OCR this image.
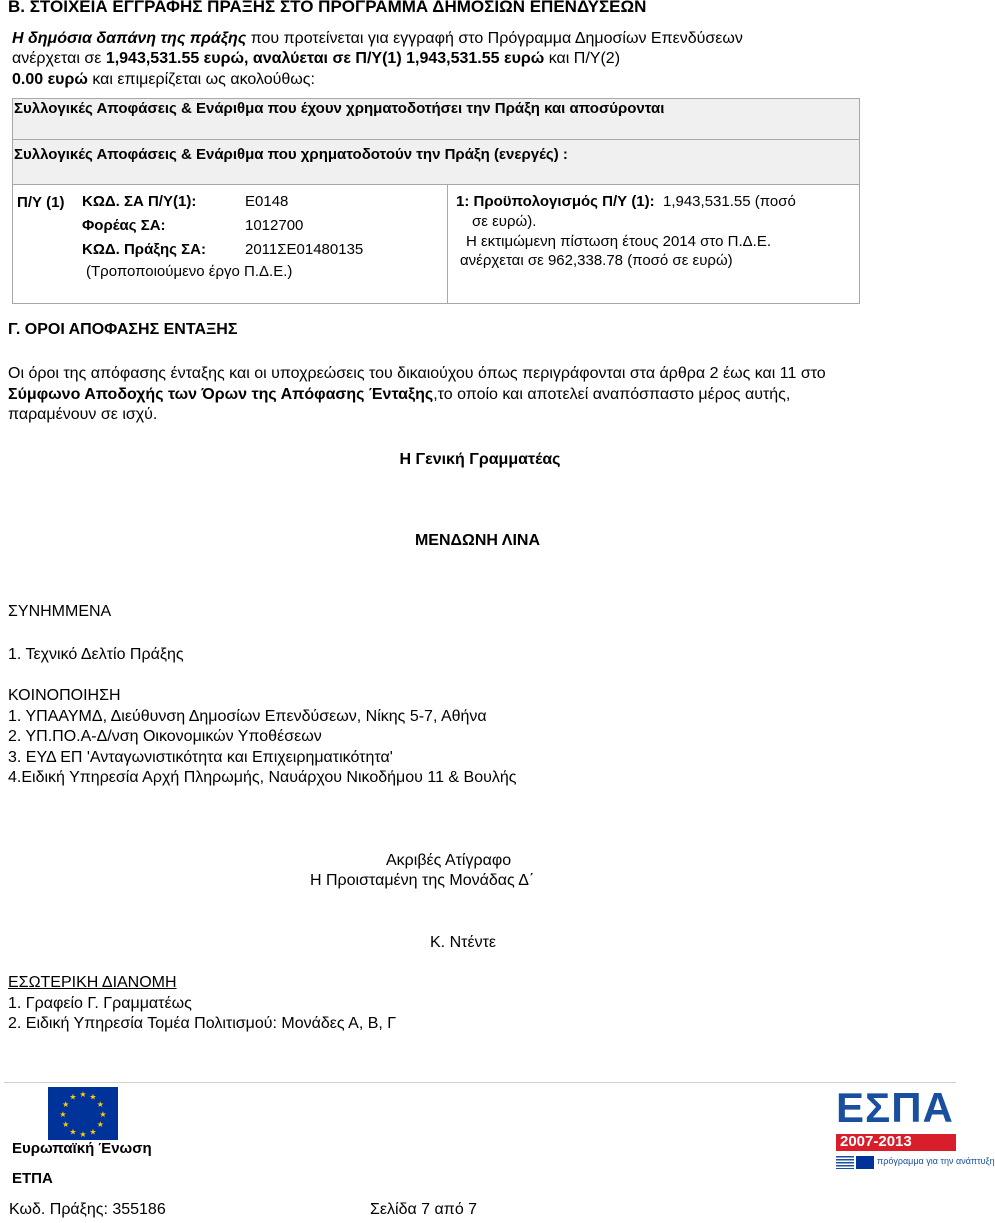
Β. ΣΤΟΙΧΕΙΑ ΕΓΓΡΑΦΗΣ ΠΡΑΞΗΣ ΣΤΟ ΠΡΟΓΡΑΜΜΑ ΔΗΜΟΣΙΩΝ ΕΠΕΝΔΥΣΕΩΝ
Η δημόσια δαπάνη της πράξης που προτείνεται για εγγραφή στο Πρόγραμμα Δημοσίων Επενδύσεων
ανέρχεται σε 1,943,531.55 ευρώ, αναλύεται σε Π/Υ(1) 1,943,531.55 ευρώ και Π/Υ(2)
0.00 ευρώ και επιμερίζεται ως ακολούθως:
Συλλογικές Αποφάσεις & Ενάριθμα που έχουν χρηματοδοτήσει την Πράξη και αποσύρονται
Συλλογικές Αποφάσεις & Ενάριθμα που χρηματοδοτούν την Πράξη (ενεργές) :
Π/Υ (1) ΚΩΔ. ΣΑ Π/Υ(1):	Ε0148
Φορέας ΣΑ:	1012700
ΚΩΔ. Πράξης ΣΑ:	2011ΣΕ01480135
(Τροποποιούμενο έργο Π.Δ.Ε.)
1: Προϋπολογισμός Π/Υ (1): 1,943,531.55 (ποσό
σε ευρώ).
Η εκτιμώμενη πίστωση έτους 2014 στο Π.Δ.Ε.
ανέρχεται σε 962,338.78 (ποσό σε ευρώ)
Γ. ΟΡΟΙ ΑΠΟΦΑΣΗΣ ΕΝΤΑΞΗΣ
Οι όροι της απόφασης ένταξης και οι υποχρεώσεις του δικαιούχου όπως περιγράφονται στα άρθρα 2 έως και 11 στο
Σύμφωνο Αποδοχής των Όρων της Απόφασης Ένταξης,το οποίο και αποτελεί αναπόσπαστο μέρος αυτής,
παραμένουν σε ισχύ.
Η Γενική Γραμματέας
ΜΕΝΔΩΝΗ ΛΙΝΑ
ΣΥΝΗΜΜΕΝΑ
1. Τεχνικό Δελτίο Πράξης
ΚΟΙΝΟΠΟΙΗΣΗ
1. ΥΠΑΑΥΜΔ, Διεύθυνση Δημοσίων Επενδύσεων, Νίκης 5-7, Αθήνα
2. ΥΠ.ΠΟ.Α-Δ/νση Οικονομικών Υποθέσεων
3. ΕΥΔ ΕΠ 'Ανταγωνιστικότητα και Επιχειρηματικότητα'
4.Ειδική Υπηρεσία Αρχή Πληρωμής, Ναυάρχου Νικοδήμου 11 & Βουλής
Ακριβές Ατίγραφο
Η Προισταμένη της Μονάδας Δ΄
Κ. Ντέντε
ΕΣΩΤΕΡΙΚΗ ΔΙΑΝΟΜΗ
1. Γραφείο Γ. Γραμματέως
2. Ειδική Υπηρεσία Τομέα Πολιτισμού: Μονάδες Α, Β, Γ
★ ★
★
★
★
★
★
★
★
★
★
★
Ευρωπαϊκή Ένωση
ΕΤΠΑ
ΕΣΠΑ
2007-2013
πρόγραμμα για την ανάπτυξη
Κωδ. Πράξης: 355186	Σελίδα 7 από 7
